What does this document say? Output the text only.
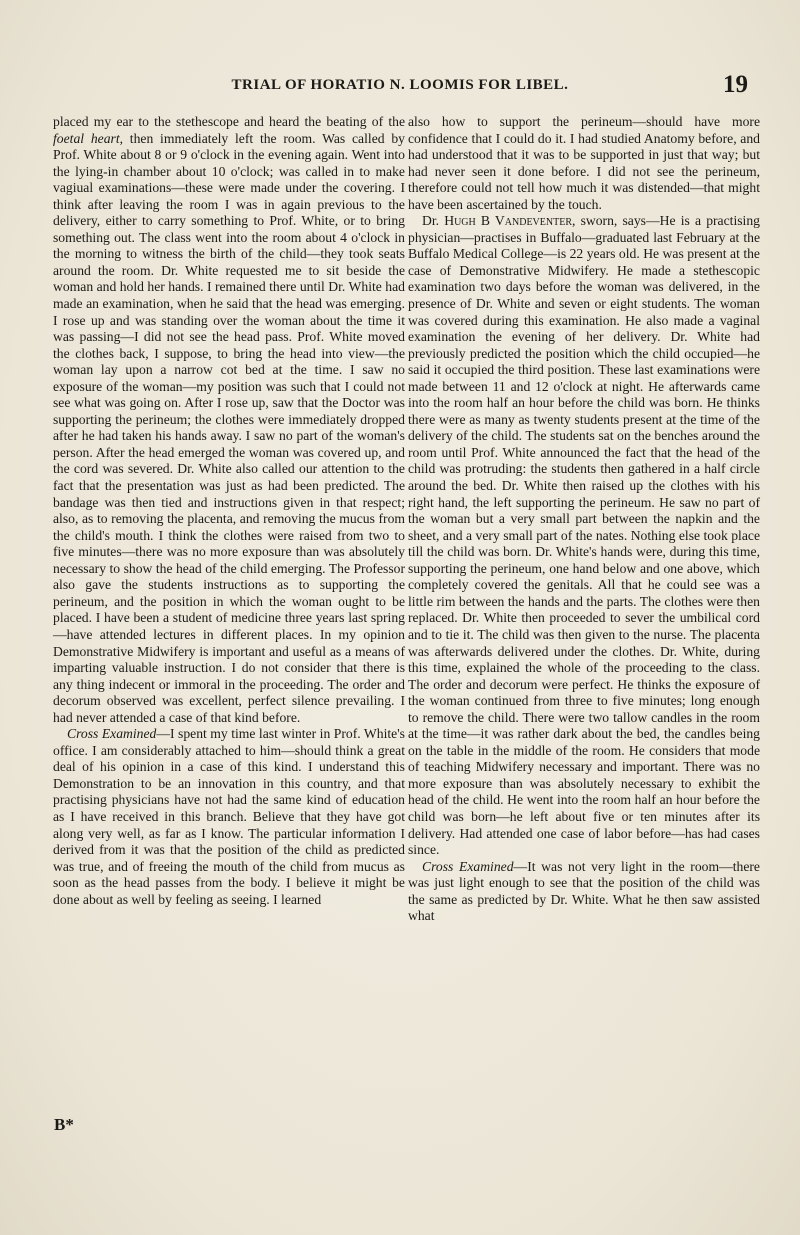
TRIAL OF HORATIO N. LOOMIS FOR LIBEL.	19

placed my ear to the stethescope and heard the beating of the foetal heart, then immediately left the room. Was called by Prof. White about 8 or 9 o'clock in the evening again. Went into the lying-in chamber about 10 o'clock; was called in to make vagiual examinations—these were made under the covering. I think after leaving the room I was in again previous to the delivery, either to carry something to Prof. White, or to bring something out. The class went into the room about 4 o'clock in the morning to witness the birth of the child—they took seats around the room. Dr. White requested me to sit beside the woman and hold her hands. I remained there until Dr. White had made an examination, when he said that the head was emerging. I rose up and was standing over the woman about the time it was passing—I did not see the head pass. Prof. White moved the clothes back, I suppose, to bring the head into view—the woman lay upon a narrow cot bed at the time. I saw no exposure of the woman—my position was such that I could not see what was going on. After I rose up, saw that the Doctor was supporting the perineum; the clothes were immediately dropped after he had taken his hands away. I saw no part of the woman's person. After the head emerged the woman was covered up, and the cord was severed. Dr. White also called our attention to the fact that the presentation was just as had been predicted. The bandage was then tied and instructions given in that respect; also, as to removing the placenta, and removing the mucus from the child's mouth. I think the clothes were raised from two to five minutes—there was no more exposure than was absolutely necessary to show the head of the child emerging. The Professor also gave the students instructions as to supporting the perineum, and the position in which the woman ought to be placed. I have been a student of medicine three years last spring—have attended lectures in different places. In my opinion Demonstrative Midwifery is important and useful as a means of imparting valuable instruction. I do not consider that there is any thing indecent or immoral in the proceeding. The order and decorum observed was excellent, perfect silence prevailing. I had never attended a case of that kind before.

Cross Examined—I spent my time last winter in Prof. White's office. I am considerably attached to him—should think a great deal of his opinion in a case of this kind. I understand this Demonstration to be an innovation in this country, and that practising physicians have not had the same kind of education as I have received in this branch. Believe that they have got along very well, as far as I know. The particular information I derived from it was that the position of the child as predicted was true, and of freeing the mouth of the child from mucus as soon as the head passes from the body. I believe it might be done about as well by feeling as seeing. I learned

also how to support the perineum—should have more confidence that I could do it. I had studied Anatomy before, and had understood that it was to be supported in just that way; but had never seen it done before. I did not see the perineum, therefore could not tell how much it was distended—that might have been ascertained by the touch.

Dr. Hugh B Vandeventer, sworn, says—He is a practising physician—practises in Buffalo—graduated last February at the Buffalo Medical College—is 22 years old. He was present at the case of Demonstrative Midwifery. He made a stethescopic examination two days before the woman was delivered, in the presence of Dr. White and seven or eight students. The woman was covered during this examination. He also made a vaginal examination the evening of her delivery. Dr. White had previously predicted the position which the child occupied—he said it occupied the third position. These last examinations were made between 11 and 12 o'clock at night. He afterwards came into the room half an hour before the child was born. He thinks there were as many as twenty students present at the time of the delivery of the child. The students sat on the benches around the room until Prof. White announced the fact that the head of the child was protruding: the students then gathered in a half circle around the bed. Dr. White then raised up the clothes with his right hand, the left supporting the perineum. He saw no part of the woman but a very small part between the napkin and the sheet, and a very small part of the nates. Nothing else took place till the child was born. Dr. White's hands were, during this time, supporting the perineum, one hand below and one above, which completely covered the genitals. All that he could see was a little rim between the hands and the parts. The clothes were then replaced. Dr. White then proceeded to sever the umbilical cord and to tie it. The child was then given to the nurse. The placenta was afterwards delivered under the clothes. Dr. White, during this time, explained the whole of the proceeding to the class. The order and decorum were perfect. He thinks the exposure of the woman continued from three to five minutes; long enough to remove the child. There were two tallow candles in the room at the time—it was rather dark about the bed, the candles being on the table in the middle of the room. He considers that mode of teaching Midwifery necessary and important. There was no more exposure than was absolutely necessary to exhibit the head of the child. He went into the room half an hour before the child was born—he left about five or ten minutes after its delivery. Had attended one case of labor before—has had cases since.

Cross Examined—It was not very light in the room—there was just light enough to see that the position of the child was the same as predicted by Dr. White. What he then saw assisted what

B*
